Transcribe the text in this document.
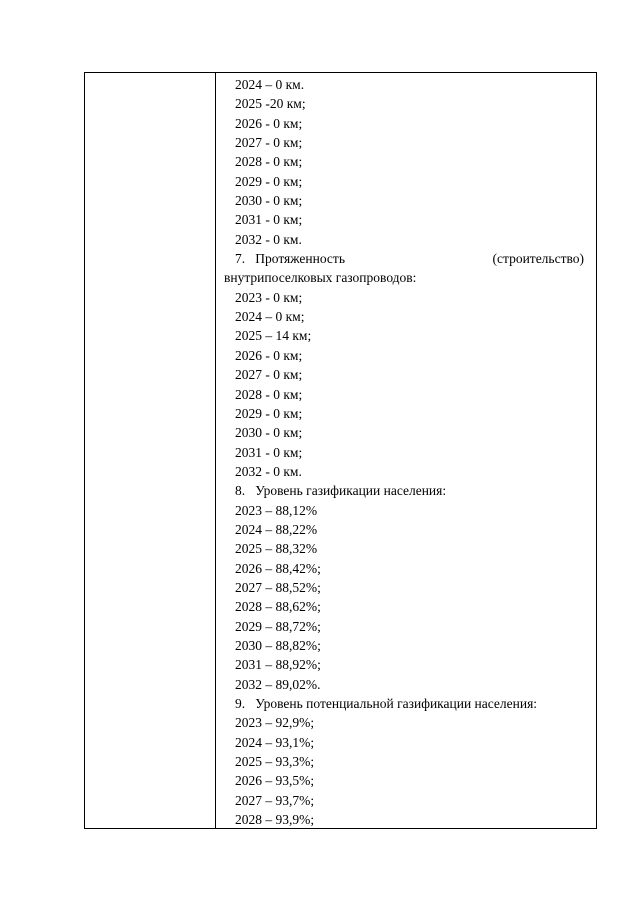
2024 – 0 км.
2025 -20 км;
2026 - 0 км;
2027 - 0 км;
2028 - 0 км;
2029 - 0 км;
2030 - 0 км;
2031 - 0 км;
2032 - 0 км.
7. Протяженность	(строительство)
внутрипоселковых газопроводов:
2023 - 0 км;
2024 – 0 км;
2025 – 14 км;
2026 - 0 км;
2027 - 0 км;
2028 - 0 км;
2029 - 0 км;
2030 - 0 км;
2031 - 0 км;
2032 - 0 км.
8. Уровень газификации населения:
2023 – 88,12%
2024 – 88,22%
2025 – 88,32%
2026 – 88,42%;
2027 – 88,52%;
2028 – 88,62%;
2029 – 88,72%;
2030 – 88,82%;
2031 – 88,92%;
2032 – 89,02%.
9. Уровень потенциальной газификации населения:
2023 – 92,9%;
2024 – 93,1%;
2025 – 93,3%;
2026 – 93,5%;
2027 – 93,7%;
2028 – 93,9%;
